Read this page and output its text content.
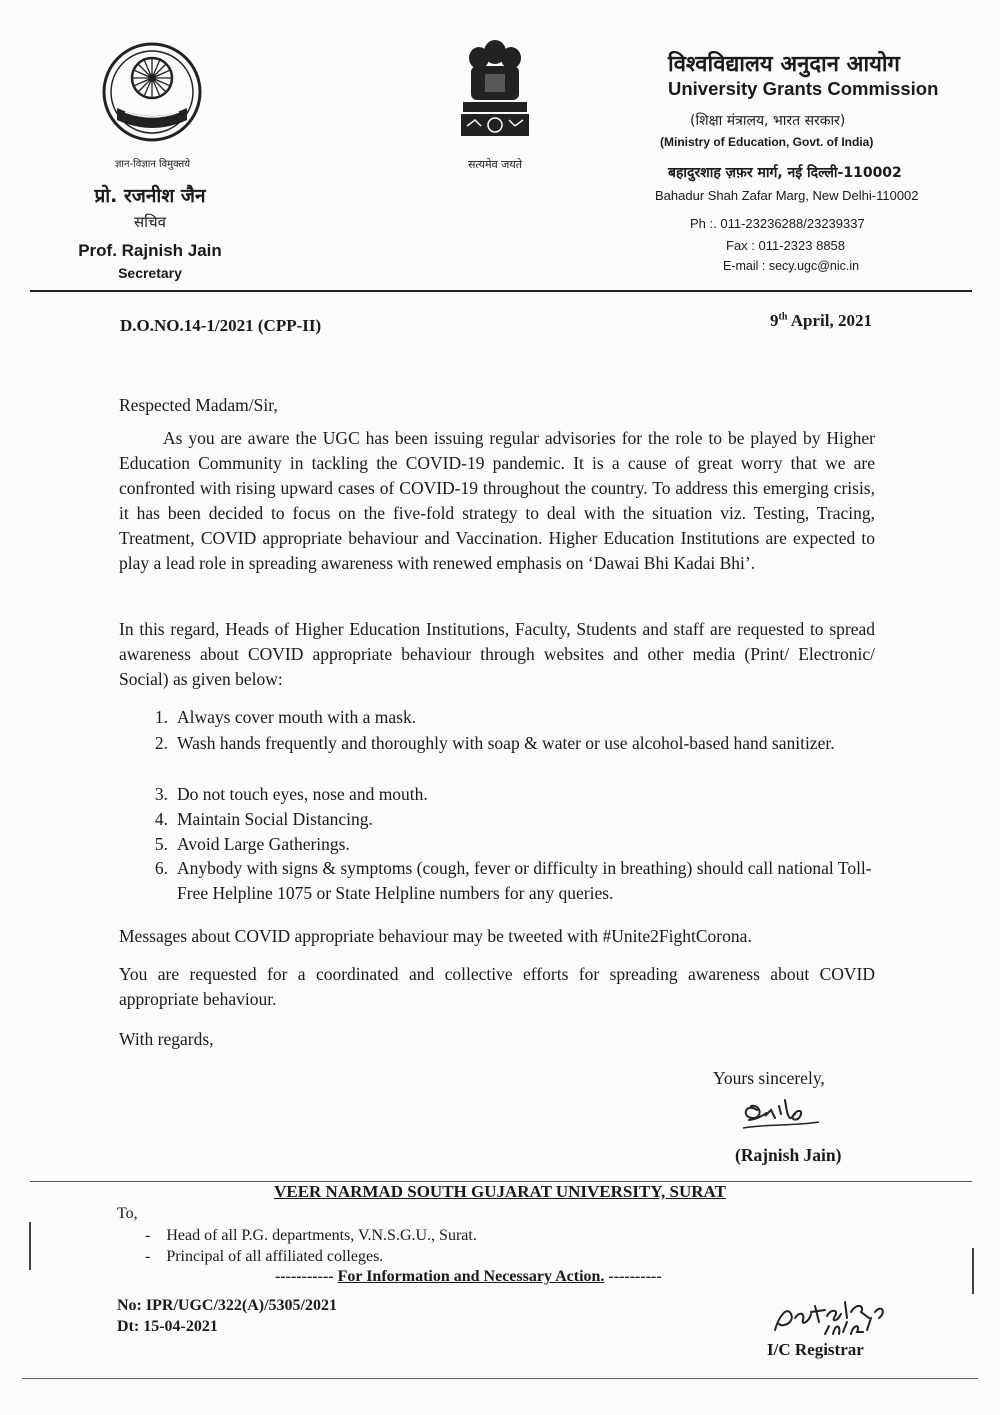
ज्ञान-विज्ञान विमुक्तये
प्रो. रजनीश जैन
सचिव
Prof. Rajnish Jain
Secretary
सत्यमेव जयते
विश्वविद्यालय अनुदान आयोग
University Grants Commission
(शिक्षा मंत्रालय, भारत सरकार)
(Ministry of Education, Govt. of India)
बहादुरशाह ज़फ़र मार्ग, नई दिल्ली-110002
Bahadur Shah Zafar Marg, New Delhi-110002
Ph :. 011-23236288/23239337
Fax : 011-2323 8858
E-mail : secy.ugc@nic.in
D.O.NO.14-1/2021 (CPP-II)	9th April, 2021
Respected Madam/Sir,
As you are aware the UGC has been issuing regular advisories for the role to be played by Higher Education Community in tackling the COVID-19 pandemic. It is a cause of great worry that we are confronted with rising upward cases of COVID-19 throughout the country. To address this emerging crisis, it has been decided to focus on the five-fold strategy to deal with the situation viz. Testing, Tracing, Treatment, COVID appropriate behaviour and Vaccination. Higher Education Institutions are expected to play a lead role in spreading awareness with renewed emphasis on ‘Dawai Bhi Kadai Bhi’.
In this regard, Heads of Higher Education Institutions, Faculty, Students and staff are requested to spread awareness about COVID appropriate behaviour through websites and other media (Print/ Electronic/ Social) as given below:
1. Always cover mouth with a mask.
2. Wash hands frequently and thoroughly with soap & water or use alcohol-based hand sanitizer.
3. Do not touch eyes, nose and mouth.
4. Maintain Social Distancing.
5. Avoid Large Gatherings.
6. Anybody with signs & symptoms (cough, fever or difficulty in breathing) should call national Toll-Free Helpline 1075 or State Helpline numbers for any queries.
Messages about COVID appropriate behaviour may be tweeted with #Unite2FightCorona.
You are requested for a coordinated and collective efforts for spreading awareness about COVID appropriate behaviour.
With regards,
Yours sincerely,
(Rajnish Jain)
VEER NARMAD SOUTH GUJARAT UNIVERSITY, SURAT
To,
-    Head of all P.G. departments, V.N.S.G.U., Surat.
-    Principal of all affiliated colleges.
----------- For Information and Necessary Action. ----------
No: IPR/UGC/322(A)/5305/2021
Dt: 15-04-2021
I/C Registrar
